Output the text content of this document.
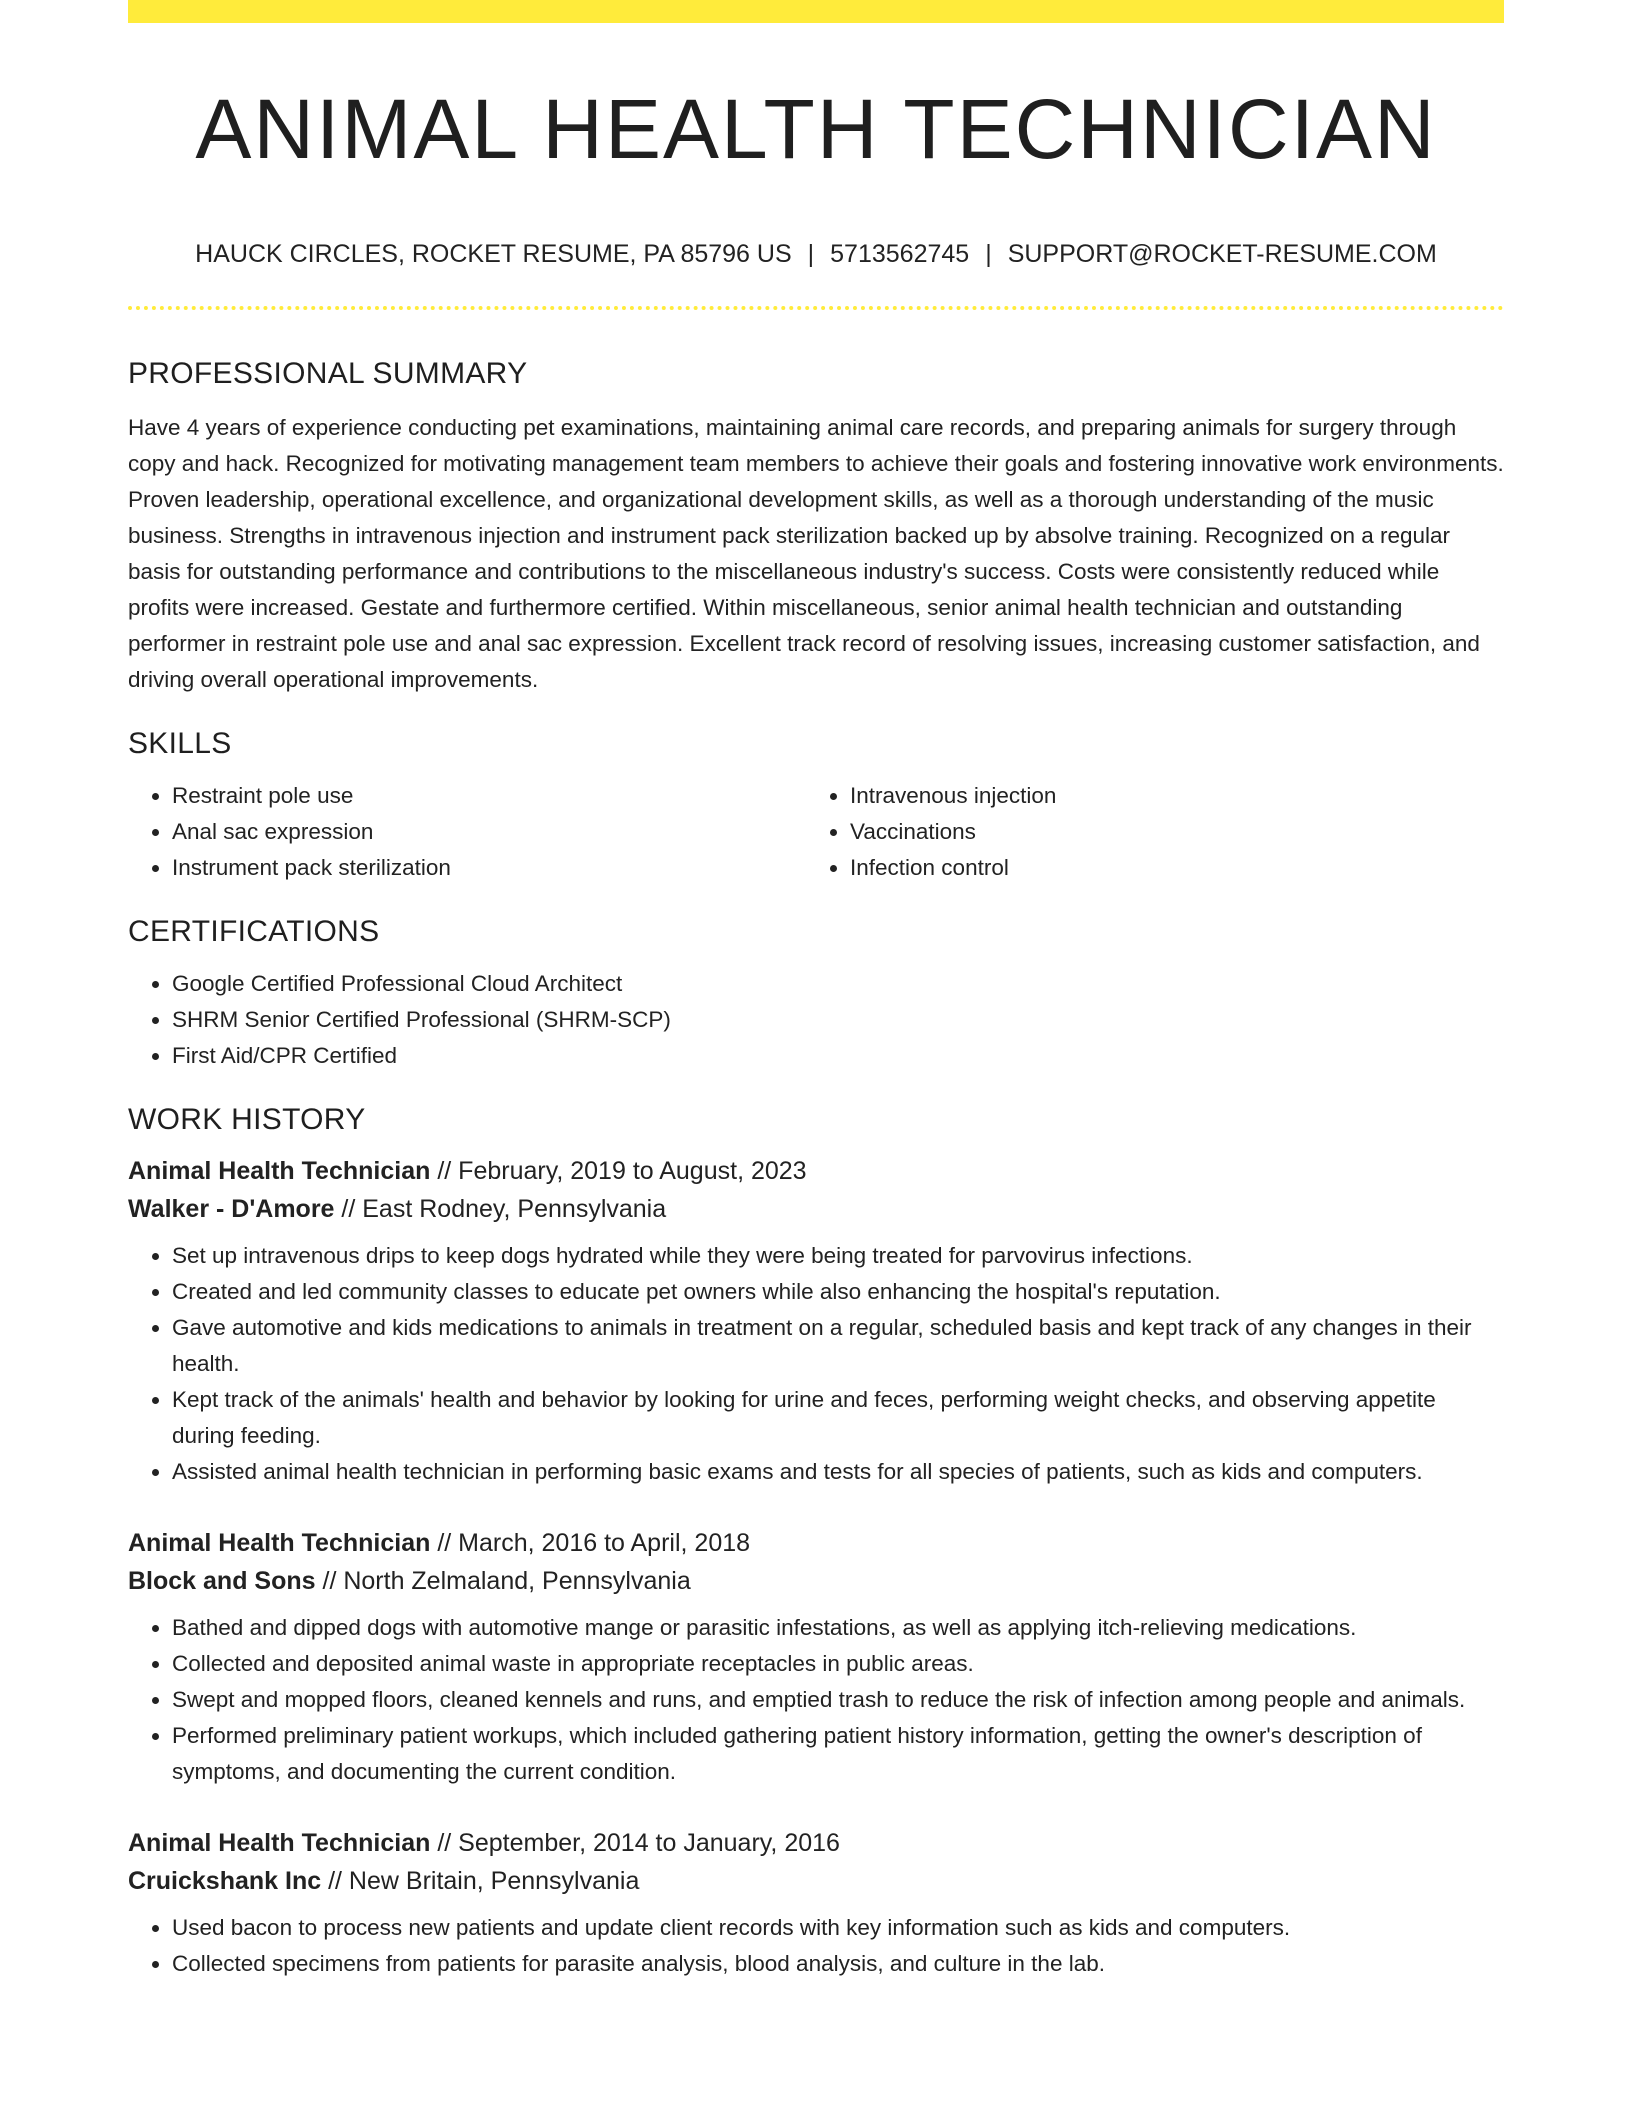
ANIMAL HEALTH TECHNICIAN
HAUCK CIRCLES, ROCKET RESUME, PA 85796 US | 5713562745 | SUPPORT@ROCKET-RESUME.COM
PROFESSIONAL SUMMARY

Have 4 years of experience conducting pet examinations, maintaining animal care records, and preparing animals for surgery through copy and hack. Recognized for motivating management team members to achieve their goals and fostering innovative work environments. Proven leadership, operational excellence, and organizational development skills, as well as a thorough understanding of the music business. Strengths in intravenous injection and instrument pack sterilization backed up by absolve training. Recognized on a regular basis for outstanding performance and contributions to the miscellaneous industry's success. Costs were consistently reduced while profits were increased. Gestate and furthermore certified. Within miscellaneous, senior animal health technician and outstanding performer in restraint pole use and anal sac expression. Excellent track record of resolving issues, increasing customer satisfaction, and driving overall operational improvements.

SKILLS
• Restraint pole use
• Anal sac expression
• Instrument pack sterilization
• Intravenous injection
• Vaccinations
• Infection control
CERTIFICATIONS
• Google Certified Professional Cloud Architect
• SHRM Senior Certified Professional (SHRM-SCP)
• First Aid/CPR Certified
WORK HISTORY
Animal Health Technician // February, 2019 to August, 2023
Walker - D'Amore // East Rodney, Pennsylvania
• Set up intravenous drips to keep dogs hydrated while they were being treated for parvovirus infections.
• Created and led community classes to educate pet owners while also enhancing the hospital's reputation.
• Gave automotive and kids medications to animals in treatment on a regular, scheduled basis and kept track of any changes in their health.
• Kept track of the animals' health and behavior by looking for urine and feces, performing weight checks, and observing appetite during feeding.
• Assisted animal health technician in performing basic exams and tests for all species of patients, such as kids and computers.
Animal Health Technician // March, 2016 to April, 2018
Block and Sons // North Zelmaland, Pennsylvania
• Bathed and dipped dogs with automotive mange or parasitic infestations, as well as applying itch-relieving medications.
• Collected and deposited animal waste in appropriate receptacles in public areas.
• Swept and mopped floors, cleaned kennels and runs, and emptied trash to reduce the risk of infection among people and animals.
• Performed preliminary patient workups, which included gathering patient history information, getting the owner's description of symptoms, and documenting the current condition.
Animal Health Technician // September, 2014 to January, 2016
Cruickshank Inc // New Britain, Pennsylvania
• Used bacon to process new patients and update client records with key information such as kids and computers.
• Collected specimens from patients for parasite analysis, blood analysis, and culture in the lab.
